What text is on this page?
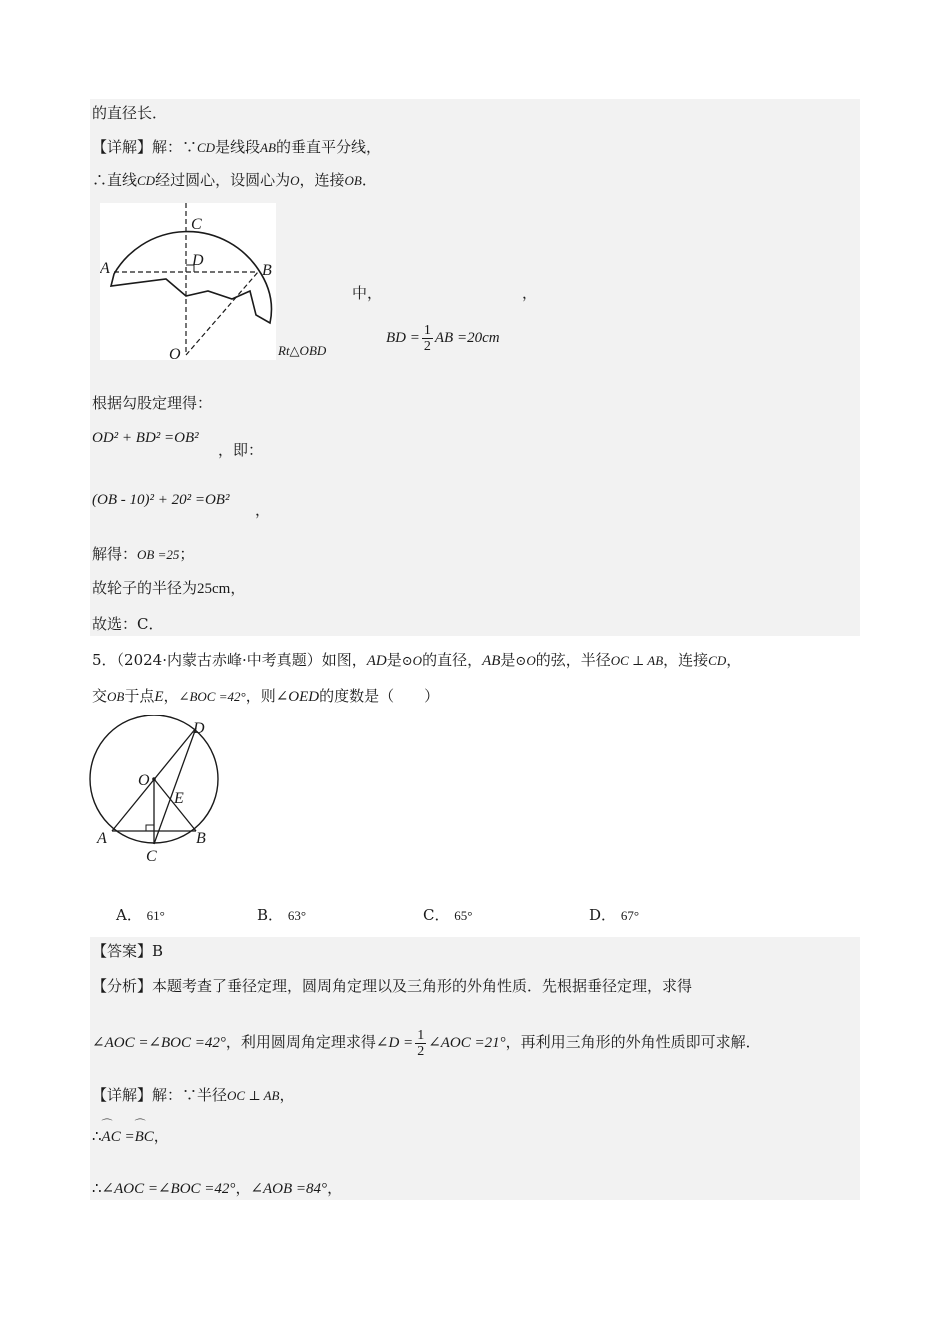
的直径长．
【详解】解：∵CD是线段AB的垂直平分线，
∴直线CD经过圆心，设圆心为O，连接OB．
C
D
A	B
O
中，	，
Rt△OBD
BD = $\frac{1}{2}$ AB =20cm
根据勾股定理得：
OD² + BD² =OB²
，即：
(OB - 10)² + 20² =OB²
，
解得：OB =25；
故轮子的半径为25cm，
故选：C．
5．（2024·内蒙古赤峰·中考真题）如图，AD是⊙O的直径，AB是⊙O的弦，半径OC ⊥ AB，连接CD，
交OB于点E，∠BOC =42°，则∠OED的度数是（　　）
D
O
E
A	B
C
A． 61°	B． 63°	C． 65°	D． 67°
【答案】B
【分析】本题考查了垂径定理，圆周角定理以及三角形的外角性质．先根据垂径定理，求得
∠AOC =∠BOC =42°，利用圆周角定理求得∠D = $\frac{1}{2}$ ∠AOC =21°，再利用三角形的外角性质即可求解．
【详解】解：∵半径OC ⊥ AB，
∴⌒ AC =⌒ BC，
∴∠AOC =∠BOC =42°，∠AOB =84°，
